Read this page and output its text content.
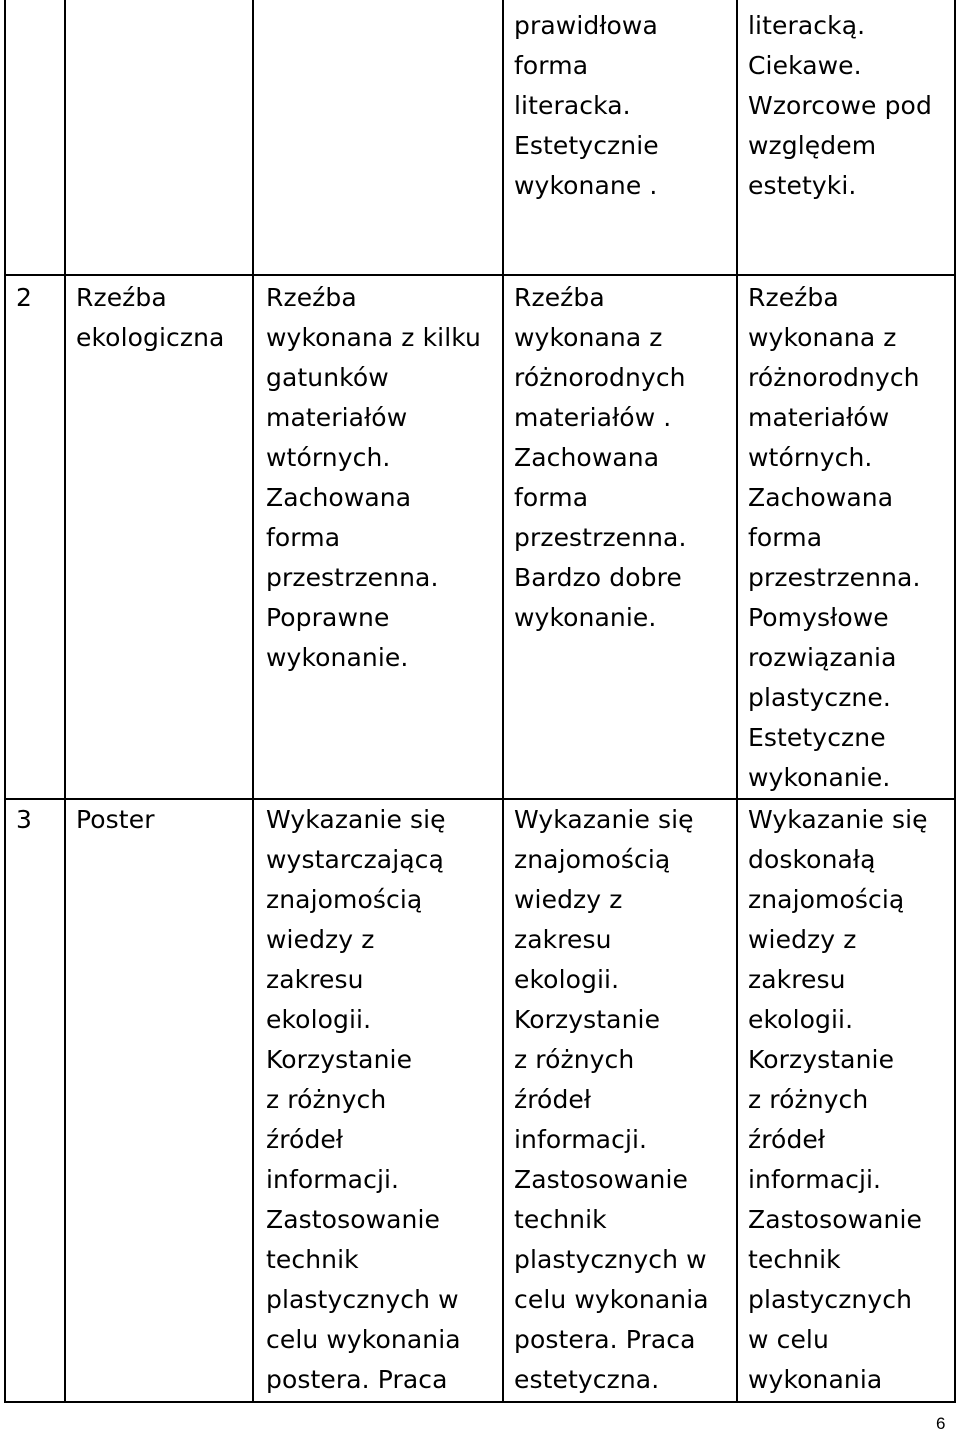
prawidłowa
forma
literacka.
Estetycznie
wykonane .
literacką.
Ciekawe.
Wzorcowe pod
względem
estetyki.
2 Rzeźba
ekologiczna
Rzeźba
wykonana z kilku
gatunków
materiałów
wtórnych.
Zachowana
forma
przestrzenna.
Poprawne
wykonanie.
Rzeźba
wykonana z
różnorodnych
materiałów .
Zachowana
forma
przestrzenna.
Bardzo dobre
wykonanie.
Rzeźba
wykonana z
różnorodnych
materiałów
wtórnych.
Zachowana
forma
przestrzenna.
Pomysłowe
rozwiązania
plastyczne.
Estetyczne
wykonanie.
3 Poster	Wykazanie się
wystarczającą
znajomością
wiedzy z
zakresu
ekologii.
Korzystanie
z różnych
źródeł
informacji.
Zastosowanie
technik
plastycznych w
celu wykonania
postera. Praca
Wykazanie się
znajomością
wiedzy z
zakresu
ekologii.
Korzystanie
z różnych
źródeł
informacji.
Zastosowanie
technik
plastycznych w
celu wykonania
postera. Praca
estetyczna.
Wykazanie się
doskonałą
znajomością
wiedzy z
zakresu
ekologii.
Korzystanie
z różnych
źródeł
informacji.
Zastosowanie
technik
plastycznych
w celu
wykonania
6
